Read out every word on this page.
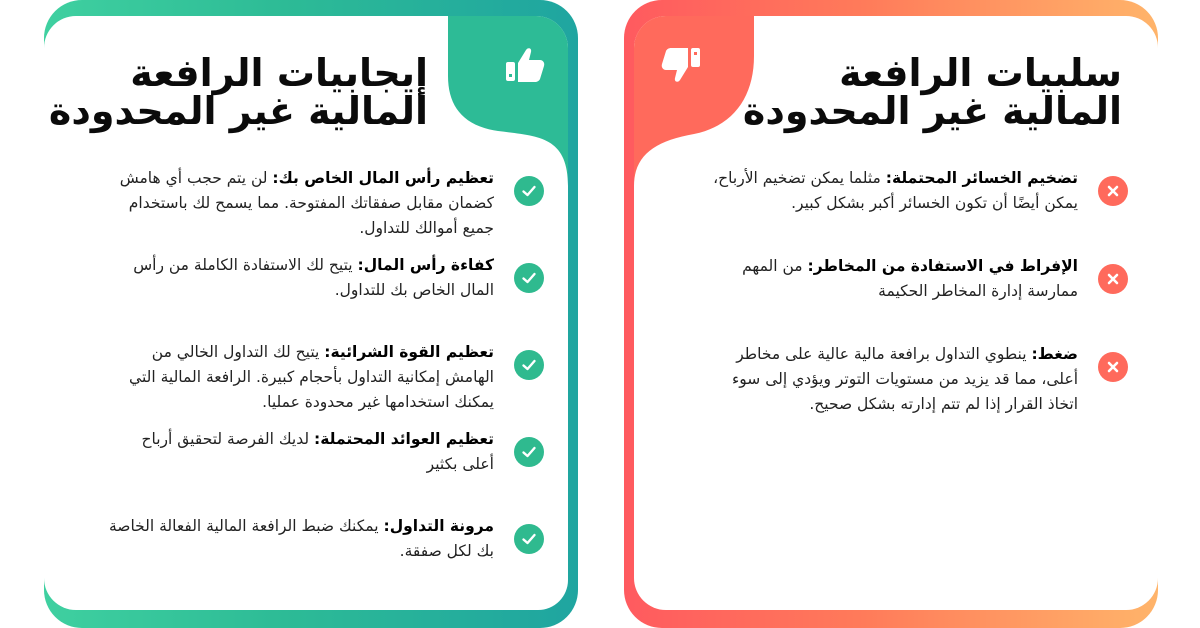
إيجابيات الرافعة
المالية غير المحدودة
تعظيم رأس المال الخاص بك: لن يتم حجب أي هامش كضمان مقابل صفقاتك المفتوحة. مما يسمح لك باستخدام جميع أموالك للتداول.
كفاءة رأس المال: يتيح لك الاستفادة الكاملة من رأس المال الخاص بك للتداول.
تعظيم القوة الشرائية: يتيح لك التداول الخالي من الهامش إمكانية التداول بأحجام كبيرة. الرافعة المالية التي يمكنك استخدامها غير محدودة عمليا.
تعظيم العوائد المحتملة: لديك الفرصة لتحقيق أرباح أعلى بكثير
مرونة التداول: يمكنك ضبط الرافعة المالية الفعالة الخاصة بك لكل صفقة.
سلبيات الرافعة
المالية غير المحدودة
تضخيم الخسائر المحتملة: مثلما يمكن تضخيم الأرباح، يمكن أيضًا أن تكون الخسائر أكبر بشكل كبير.
الإفراط في الاستفادة من المخاطر: من المهم ممارسة إدارة المخاطر الحكيمة
ضغط: ينطوي التداول برافعة مالية عالية على مخاطر أعلى، مما قد يزيد من مستويات التوتر ويؤدي إلى سوء اتخاذ القرار إذا لم تتم إدارته بشكل صحيح.
